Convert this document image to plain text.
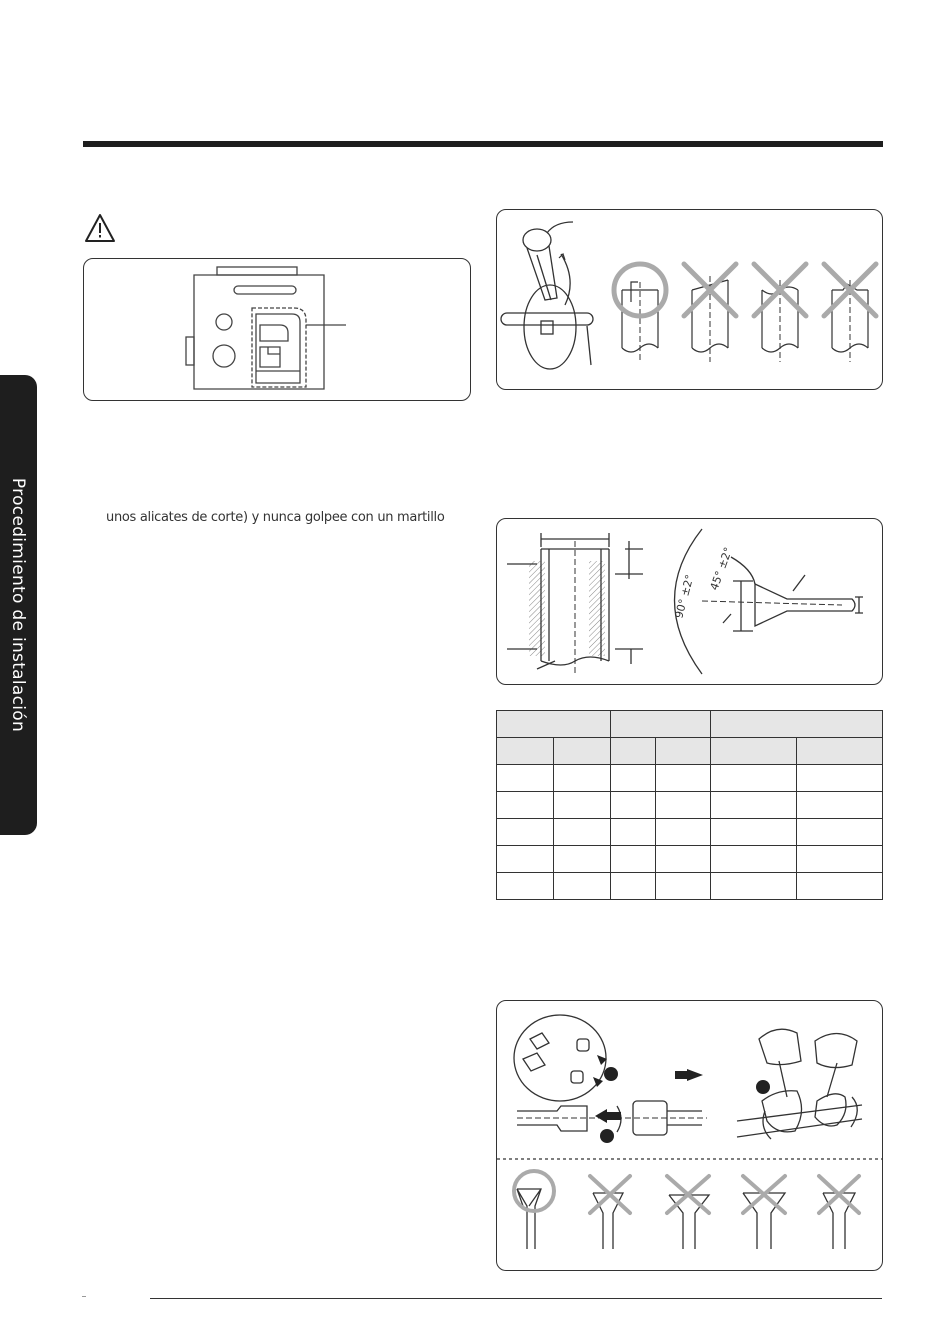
Procedimiento de instalación	unos alicates de corte) y nunca golpee con un martillo
90° ±2°
45° ±2°
